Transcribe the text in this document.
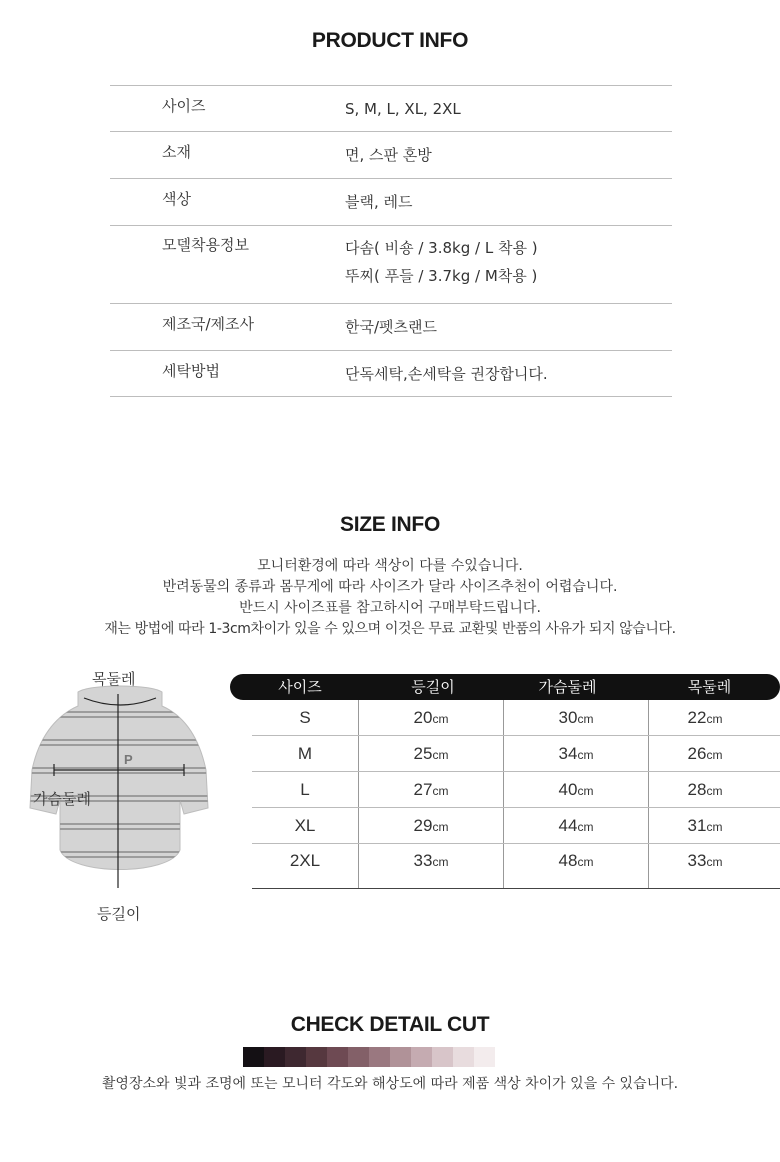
PRODUCT INFO
사이즈	S, M, L, XL, 2XL
소재	면, 스판 혼방
색상	블랙, 레드
모델착용정보	다솜( 비숑 / 3.8kg / L 착용 )
뚜찌( 푸들 / 3.7kg / M착용 )
제조국/제조사	한국/펫츠랜드
세탁방법	단독세탁,손세탁을 권장합니다.
SIZE INFO
모니터환경에 따라 색상이 다를 수있습니다.
반려동물의 종류과 몸무게에 따라 사이즈가 달라 사이즈추천이 어렵습니다.
반드시 사이즈표를 참고하시어 구매부탁드립니다.
재는 방법에 따라 1-3cm차이가 있을 수 있으며 이것은 무료 교환및 반품의 사유가 되지 않습니다.
P
목둘레
가슴둘레
등길이
사이즈	등길이	가슴둘레	목둘레
S	20cm	30cm	22cm
M	25cm	34cm	26cm
L	27cm	40cm	28cm
XL	29cm	44cm	31cm
2XL	33cm	48cm	33cm
CHECK DETAIL CUT
촬영장소와 빛과 조명에 또는 모니터 각도와 해상도에 따라 제품 색상 차이가 있을 수 있습니다.
